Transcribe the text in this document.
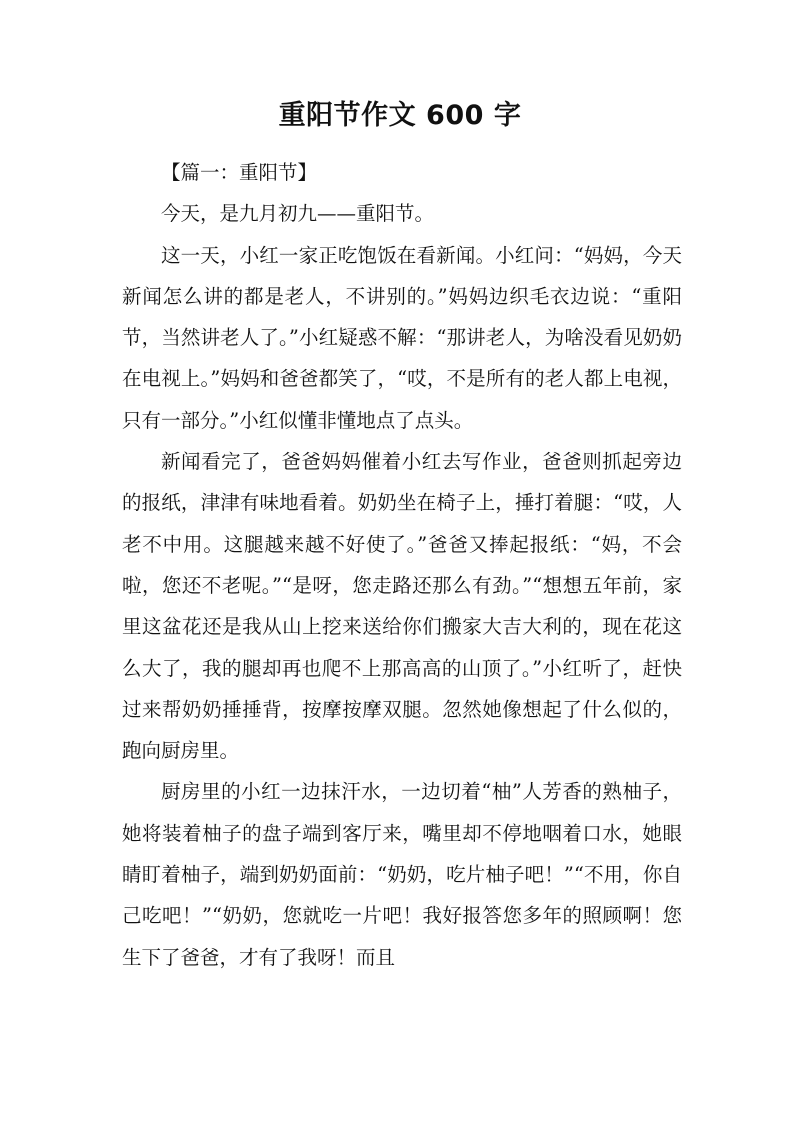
重阳节作文 600 字

【篇一：重阳节】

今天，是九月初九——重阳节。

这一天，小红一家正吃饱饭在看新闻。小红问：“妈妈，今天新闻怎么讲的都是老人，不讲别的。”妈妈边织毛衣边说：“重阳节，当然讲老人了。”小红疑惑不解：“那讲老人，为啥没看见奶奶在电视上。”妈妈和爸爸都笑了，“哎，不是所有的老人都上电视，只有一部分。”小红似懂非懂地点了点头。

新闻看完了，爸爸妈妈催着小红去写作业，爸爸则抓起旁边的报纸，津津有味地看着。奶奶坐在椅子上，捶打着腿：“哎，人老不中用。这腿越来越不好使了。”爸爸又捧起报纸：“妈，不会啦，您还不老呢。”“是呀，您走路还那么有劲。”“想想五年前，家里这盆花还是我从山上挖来送给你们搬家大吉大利的，现在花这么大了，我的腿却再也爬不上那高高的山顶了。”小红听了，赶快过来帮奶奶捶捶背，按摩按摩双腿。忽然她像想起了什么似的，跑向厨房里。

厨房里的小红一边抹汗水，一边切着“柚”人芳香的熟柚子，她将装着柚子的盘子端到客厅来，嘴里却不停地咽着口水，她眼睛盯着柚子，端到奶奶面前：“奶奶，吃片柚子吧！”“不用，你自己吃吧！”“奶奶，您就吃一片吧！我好报答您多年的照顾啊！您生下了爸爸，才有了我呀！而且
